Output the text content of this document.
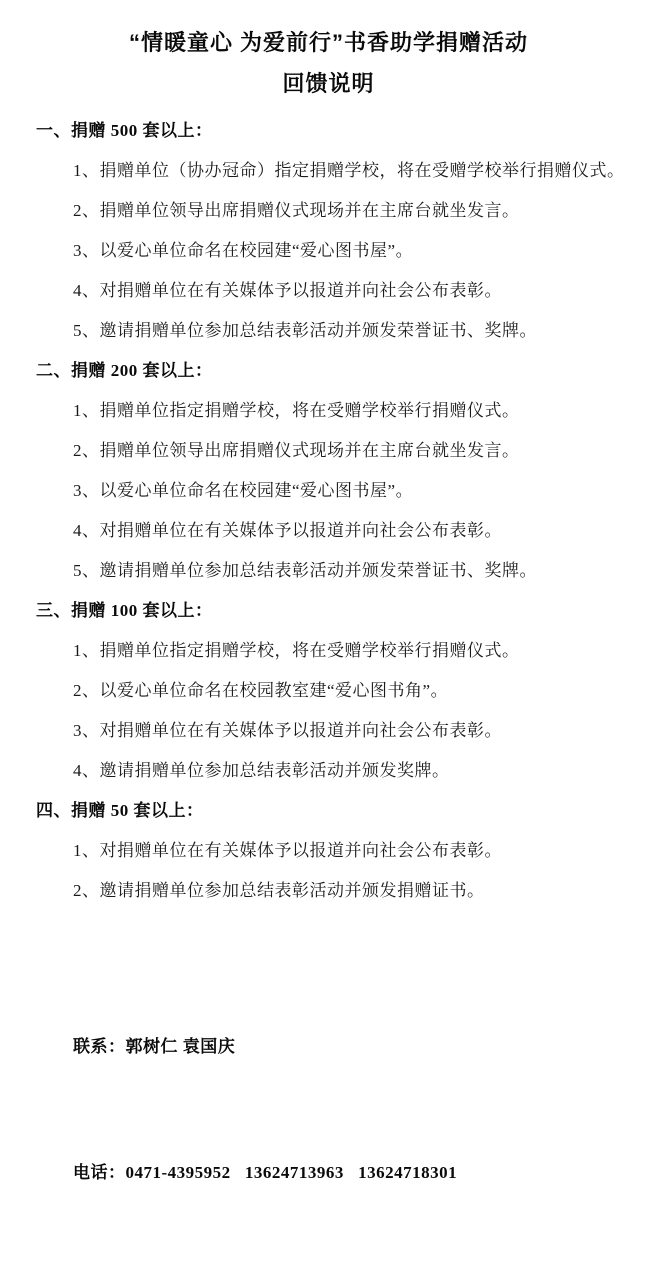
“情暖童心 为爱前行”书香助学捐赠活动
回馈说明
一、捐赠 500 套以上：
1、捐赠单位（协办冠命）指定捐赠学校，将在受赠学校举行捐赠仪式。
2、捐赠单位领导出席捐赠仪式现场并在主席台就坐发言。
3、以爱心单位命名在校园建“爱心图书屋”。
4、对捐赠单位在有关媒体予以报道并向社会公布表彰。
5、邀请捐赠单位参加总结表彰活动并颁发荣誉证书、奖牌。
二、捐赠 200 套以上：
1、捐赠单位指定捐赠学校，将在受赠学校举行捐赠仪式。
2、捐赠单位领导出席捐赠仪式现场并在主席台就坐发言。
3、以爱心单位命名在校园建“爱心图书屋”。
4、对捐赠单位在有关媒体予以报道并向社会公布表彰。
5、邀请捐赠单位参加总结表彰活动并颁发荣誉证书、奖牌。
三、捐赠 100 套以上：
1、捐赠单位指定捐赠学校，将在受赠学校举行捐赠仪式。
2、以爱心单位命名在校园教室建“爱心图书角”。
3、对捐赠单位在有关媒体予以报道并向社会公布表彰。
4、邀请捐赠单位参加总结表彰活动并颁发奖牌。
四、捐赠 50 套以上：
1、对捐赠单位在有关媒体予以报道并向社会公布表彰。
2、邀请捐赠单位参加总结表彰活动并颁发捐赠证书。

联系：郭树仁 袁国庆

电话：0471-4395952   13624713963   13624718301
